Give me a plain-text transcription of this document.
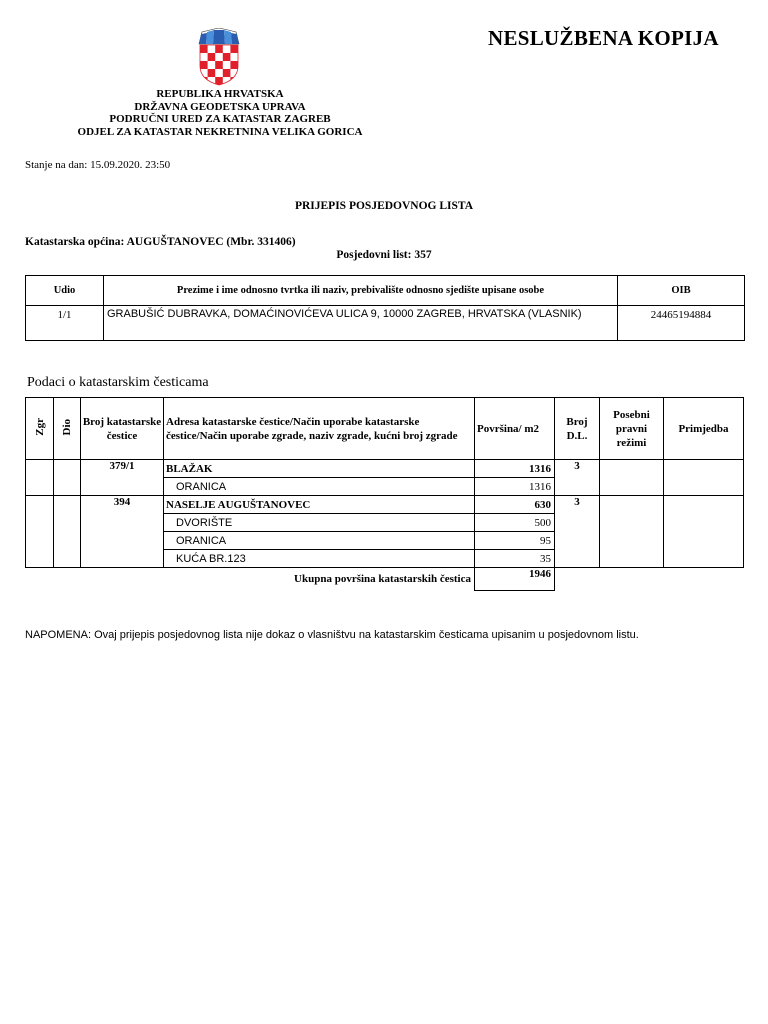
NESLUŽBENA KOPIJA
REPUBLIKA HRVATSKA
DRŽAVNA GEODETSKA UPRAVA
PODRUČNI URED ZA KATASTAR ZAGREB
ODJEL ZA KATASTAR NEKRETNINA VELIKA GORICA
Stanje na dan: 15.09.2020. 23:50
PRIJEPIS POSJEDOVNOG LISTA
Katastarska općina: AUGUŠTANOVEC (Mbr. 331406)
Posjedovni list: 357
Udio	Prezime i ime odnosno tvrtka ili naziv, prebivalište odnosno sjedište upisane osobe	OIB
1/1	GRABUŠIĆ DUBRAVKA, DOMAĆINOVIĆEVA ULICA 9, 10000 ZAGREB, HRVATSKA (VLASNIK)	24465194884
Podaci o katastarskim česticama
Zgr	Dio	Broj katastarske čestice	Adresa katastarske čestice/Način uporabe katastarske čestice/Način uporabe zgrade, naziv zgrade, kućni broj zgrade	Površina/ m2	Broj D.L.	Posebni pravni režimi	Primjedba
		379/1	BLAŽAK	1316	3		
			ORANICA	1316			
		394	NASELJE AUGUŠTANOVEC	630	3		
			DVORIŠTE	500			
			ORANICA	95			
			KUĆA BR.123	35			
Ukupna površina katastarskih čestica				1946			
NAPOMENA: Ovaj prijepis posjedovnog lista nije dokaz o vlasništvu na katastarskim česticama upisanim u posjedovnom listu.
